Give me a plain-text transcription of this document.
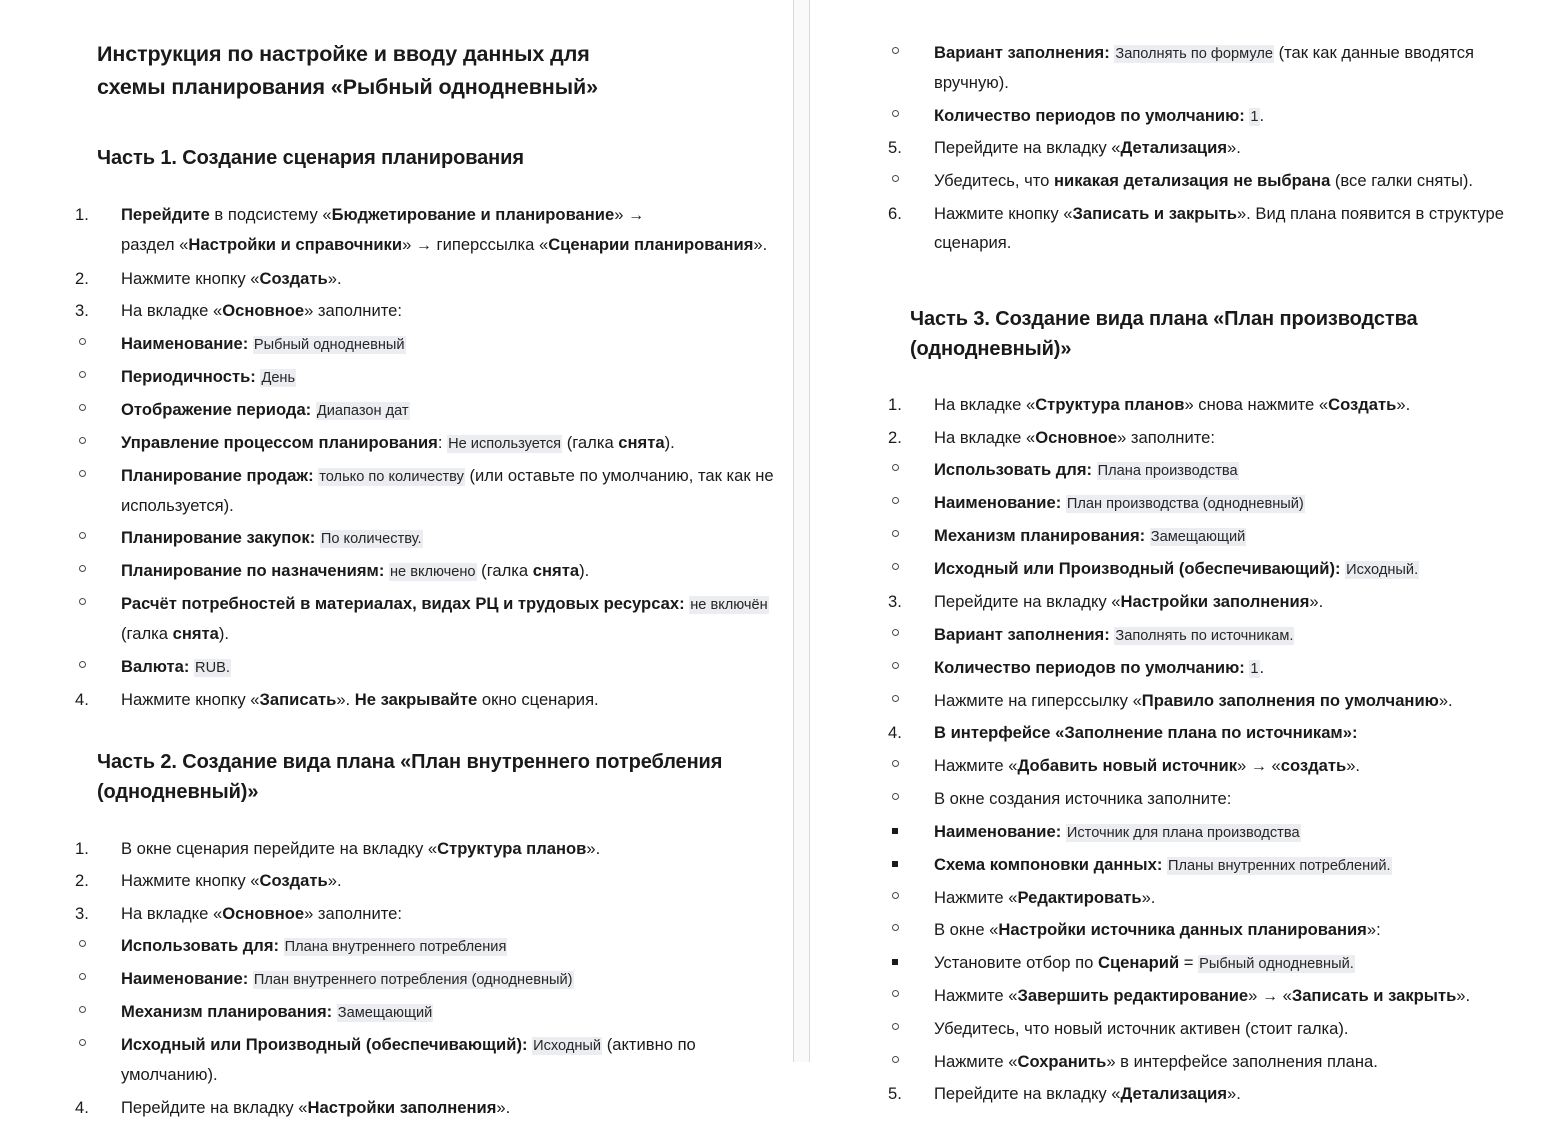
Инструкция по настройке и вводу данных для схемы планирования «Рыбный однодневный»
Часть 1. Создание сценария планирования
1.	Перейдите в подсистему «Бюджетирование и планирование» →
раздел «Настройки и справочники» → гиперссылка «Сценарии планирования».
2.	Нажмите кнопку «Создать».
3.	На вкладке «Основное» заполните:
Наименование: Рыбный однодневный
Периодичность: День
Отображение периода: Диапазон дат
Управление процессом планирования: Не используется (галка снята).
Планирование продаж: только по количеству (или оставьте по умолчанию, так как не используется).
Планирование закупок: По количеству.
Планирование по назначениям: не включено (галка снята).
Расчёт потребностей в материалах, видах РЦ и трудовых ресурсах: не включён (галка снята).
Валюта: RUB.
4.	Нажмите кнопку «Записать». Не закрывайте окно сценария.
Часть 2. Создание вида плана «План внутреннего потребления (однодневный)»
1.	В окне сценария перейдите на вкладку «Структура планов».
2.	Нажмите кнопку «Создать».
3.	На вкладке «Основное» заполните:
Использовать для: Плана внутреннего потребления
Наименование: План внутреннего потребления (однодневный)
Механизм планирования: Замещающий
Исходный или Производный (обеспечивающий): Исходный (активно по умолчанию).
4.	Перейдите на вкладку «Настройки заполнения».
Вариант заполнения: Заполнять по формуле (так как данные вводятся вручную).
Количество периодов по умолчанию: 1.
5.	Перейдите на вкладку «Детализация».
Убедитесь, что никакая детализация не выбрана (все галки сняты).
6.	Нажмите кнопку «Записать и закрыть». Вид плана появится в структуре сценария.
Часть 3. Создание вида плана «План производства (однодневный)»
1.	На вкладке «Структура планов» снова нажмите «Создать».
2.	На вкладке «Основное» заполните:
Использовать для: Плана производства
Наименование: План производства (однодневный)
Механизм планирования: Замещающий
Исходный или Производный (обеспечивающий): Исходный.
3.	Перейдите на вкладку «Настройки заполнения».
Вариант заполнения: Заполнять по источникам.
Количество периодов по умолчанию: 1.
Нажмите на гиперссылку «Правило заполнения по умолчанию».
4.	В интерфейсе «Заполнение плана по источникам»:
Нажмите «Добавить новый источник» → «создать».
В окне создания источника заполните:
Наименование: Источник для плана производства
Схема компоновки данных: Планы внутренних потреблений.
Нажмите «Редактировать».
В окне «Настройки источника данных планирования»:
Установите отбор по Сценарий = Рыбный однодневный.
Нажмите «Завершить редактирование» → «Записать и закрыть».
Убедитесь, что новый источник активен (стоит галка).
Нажмите «Сохранить» в интерфейсе заполнения плана.
5.	Перейдите на вкладку «Детализация».
